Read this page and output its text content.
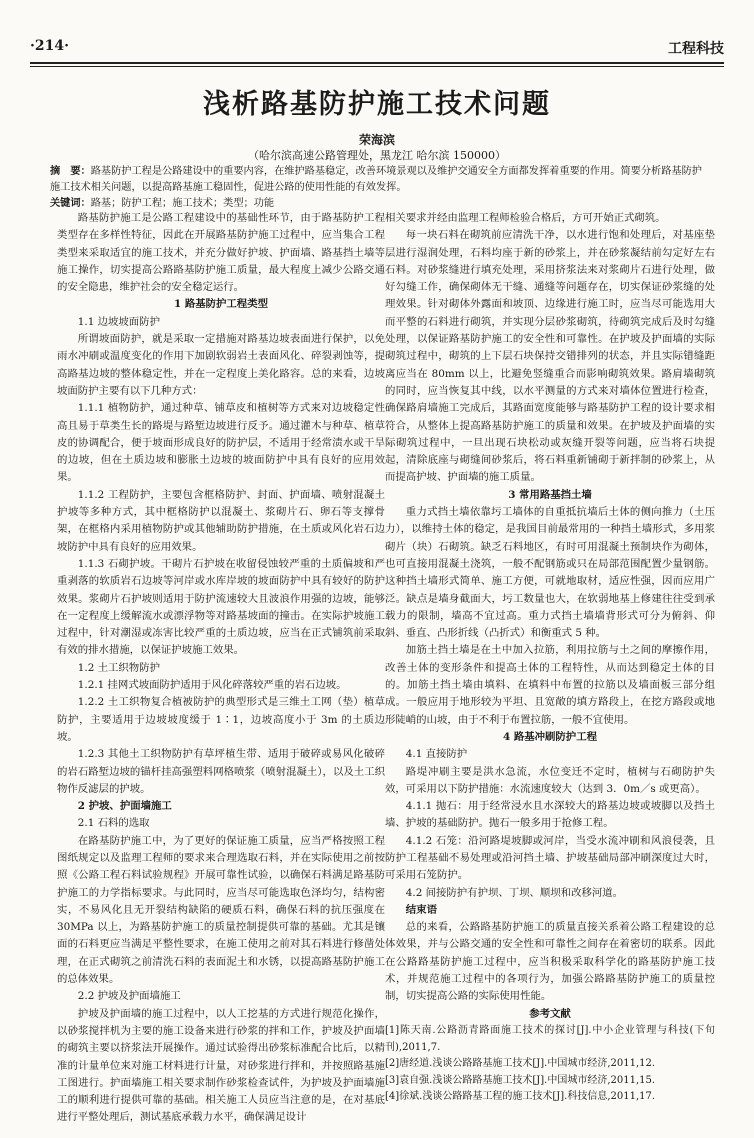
·214·	工程科技
浅析路基防护施工技术问题
荣海滨
（哈尔滨高速公路管理处，黑龙江 哈尔滨 150000）
摘　要：路基防护工程是公路建设中的重要内容，在维护路基稳定，改善环境景观以及维护交通安全方面都发挥着重要的作用。简要分析路基防护施工技术相关问题，以提高路基施工稳固性，促进公路的使用性能的有效发挥。
关键词：路基；防护工程；施工技术；类型；功能

路基防护施工是公路工程建设中的基础性环节，由于路基防护工程类型存在多样性特征，因此在开展路基防护施工过程中，应当集合工程类型来采取适宜的施工技术，并充分做好护坡、护面墙、路基挡土墙等施工操作，切实提高公路路基防护施工质量，最大程度上减少公路交通的安全隐患，维护社会的安全稳定运行。

1 路基防护工程类型

1.1 边坡坡面防护

所谓坡面防护，就是采取一定措施对路基边坡表面进行保护，以免雨水冲刷或温度变化的作用下加剧软弱岩土表面风化、碎裂剥蚀等，提高路基边坡的整体稳定性，并在一定程度上美化路容。总的来看，边坡坡面防护主要有以下几种方式：

1.1.1 植物防护，通过种草、铺草皮和植树等方式来对边坡稳定性高且易于草类生长的路堤与路堑边坡进行反予。通过灌木与种草、植草皮的协调配合，便于坡面形成良好的防护层，不适用于经常渍水或干旱的边坡，但在土质边坡和膨胀土边坡的坡面防护中具有良好的应用效果。

1.1.2 工程防护，主要包含框格防护、封面、护面墙、喷射混凝土护坡等多种方式，其中框格防护以混凝土、浆砌片石、卵石等支撑骨架，在框格内采用植物防护或其他辅助防护措施，在土质或风化岩石边坡防护中具有良好的应用效果。

1.1.3 石砌护坡。干砌片石护坡在收留侵蚀较严重的土质偏坡和严重剥落的软质岩石边坡等河岸或水库岸坡的坡面防护中具有较好的防护效果。浆砌片石护坡则适用于防护流速较大且波浪作用强的边坡，能够在一定程度上缓解流水或漂浮物等对路基坡面的撞击。在实际护坡施工过程中，针对潮湿或冻害比较严重的土质边坡，应当在正式铺筑前采取有效的排水措施，以保证护坡施工效果。

1.2 土工织物防护

1.2.1 挂网式坡面防护适用于风化碎落较严重的岩石边坡。

1.2.2 土工织物复合植被防护的典型形式是三维土工网（垫）植草防护，主要适用于边坡坡度缓于 1∶1，边坡高度小于 3m 的土质边坡。

1.2.3 其他土工织物防护有草坪植生带、适用于破碎或易风化破碎的岩石路堑边坡的锚杆挂高强塑料网格喷浆（喷射混凝土），以及土工织物作反滤层的护坡。

2 护坡、护面墙施工

2.1 石料的选取

在路基防护施工中，为了更好的保证施工质量，应当严格按照工程图纸规定以及监理工程师的要求来合理选取石料，并在实际使用之前按照《公路工程石料试验规程》开展可靠性试验，以确保石料满足路基防护施工的力学指标要求。与此同时，应当尽可能选取色泽均匀，结构密实，不易风化且无开裂结构缺陷的硬质石料，确保石料的抗压强度在 30MPa 以上，为路基防护施工的质量控制提供可靠的基础。尤其是镶面的石料更应当满足平整性要求，在施工使用之前对其石料进行修凿处理，在正式砌筑之前清洗石料的表面泥土和水锈，以提高路基防护施工的总体效果。

2.2 护坡及护面墙施工

护坡及护面墙的施工过程中，以人工挖基的方式进行规范化操作，以砂浆搅拌机为主要的施工设备来进行砂浆的拌和工作，护坡及护面墙的砌筑主要以挤浆法开展操作。通过试验得出砂浆标准配合比后，以精准的计量单位来对施工材料进行计量，对砂浆进行拌和，并按照路基施工图进行。护面墙施工相关要求制作砂浆检查试件，为护坡及护面墙施工的顺利进行提供可靠的基础。相关施工人员应当注意的是，在对基底进行平整处理后，测试基底承载力水平，确保满足设计

相关要求并经由监理工程师检验合格后，方可开始正式砌筑。

每一块石料在砌筑前应清洗干净，以水进行饱和处理后，对基座垫层进行湿润处理，石料均座于新的砂浆上，并在砂浆凝结前勾定好左右石料。对砂浆缝进行填充处理，采用挤浆法来对浆砌片石进行处理，做好勾缝工作，确保砌体无干缝、通缝等问题存在，切实保证砂浆缝的处理效果。针对砌体外露面和坡顶、边缘进行施工时，应当尽可能选用大而平整的石料进行砌筑，并实现分层砂浆砌筑，待砌筑完成后及时勾缝处理，以保证路基防护施工的安全性和可靠性。在护坡及护面墙的实际砌筑过程中，砌筑的上下层石块保持交错排列的状态，并且实际错缝距离应当在 80mm 以上，比避免竖缝重合而影响砌筑效果。路肩墙砌筑的同时，应当恢复其中线，以水平测量的方式来对墙体位置进行检查，确保路肩墙施工完成后，其路面宽度能够与路基防护工程的设计要求相符合，从整体上提高路基防护施工的质量和效果。在护坡及护面墙的实际砌筑过程中，一旦出现石块松动或灰缝开裂等问题，应当将石块提起，清除底座与砌缝间砂浆后，将石料重新铺砌于新拌制的砂浆上，从而提高护坡、护面墙的施工质量。

3 常用路基挡土墙

重力式挡土墙依靠圬工墙体的自重抵抗墙后土体的侧向推力（土压力），以维持土体的稳定，是我国目前最常用的一种挡土墙形式，多用浆砌片（块）石砌筑。缺乏石料地区，有时可用混凝土预制块作为砌体，也可直接用混凝土浇筑，一般不配钢筋或只在局部范围配置少量钢筋。这种挡土墙形式简单、施工方便，可就地取材，适应性强，因而应用广泛。缺点是墙身截面大，圬工数量也大，在软弱地基上修建往往受到承载力的限制，墙高不宜过高。重力式挡土墙墙背形式可分为俯斜、仰斜、垂直、凸形折线（凸折式）和衡重式 5 种。

加筋土挡土墙是在土中加入拉筋，利用拉筋与土之间的摩擦作用，改善土体的变形条件和提高土体的工程特性，从而达到稳定土体的目的。加筋土挡土墙由填料、在填料中布置的拉筋以及墙面板三部分组成。一般应用于地形较为平坦、且宽敞的填方路段上，在挖方路段或地形陡峭的山坡，由于不利于布置拉筋，一般不宜使用。

4 路基冲刷防护工程

4.1 直接防护

路堤冲刷主要是洪水急流，水位变迁不定时，植树与石砌防护失效，可采用以下防护措施：水流速度较大（达到 3．0m／s 或更高）。

4.1.1 抛石：用于经常浸水且水深较大的路基边坡或坡脚以及挡土墙、护坡的基础防护。抛石一般多用于抢修工程。

4.1.2 石笼：沿河路堤坡脚或河岸，当受水流冲刷和风浪侵袭，且防护工程基础不易处理或沿河挡土墙、护坡基础局部冲刷深度过大时，可采用石笼防护。

4.2 间接防护有护坝、丁坝、顺坝和改移河道。

结束语

总的来看，公路路基防护施工的质量直接关系着公路工程建设的总体效果，并与公路交通的安全性和可靠性之间存在着密切的联系。因此在公路路基防护施工过程中，应当积极采取科学化的路基防护施工技术，并规范施工过程中的各项行为，加强公路路基防护施工的质量控制，切实提高公路的实际使用性能。

参考文献

[1]陈天南.公路沥青路面施工技术的探讨[J].中小企业管理与科技(下旬刊),2011,7.

[2]唐经道.浅谈公路路基施工技术[J].中国城市经济,2011,12.

[3]袁自强.浅谈公路路基施工技术[J].中国城市经济,2011,15.

[4]徐斌.浅谈公路路基工程的施工技术[J].科技信息,2011,17.
